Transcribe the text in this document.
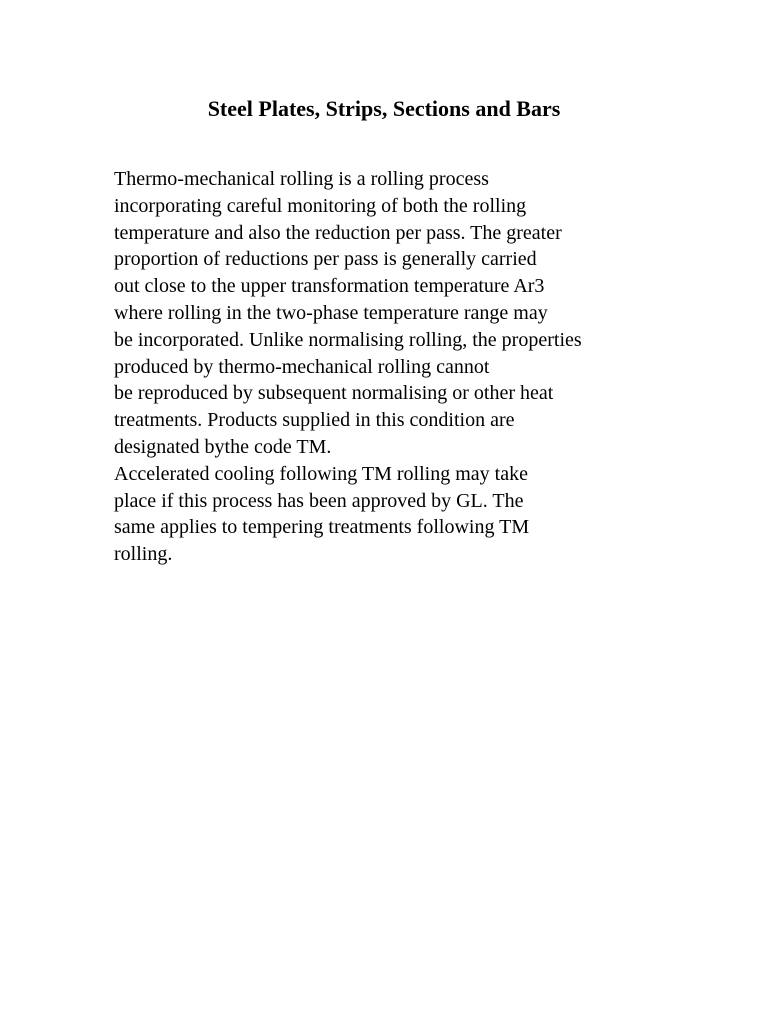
Steel Plates, Strips, Sections and Bars
Thermo-mechanical rolling is a rolling process
incorporating careful monitoring of both the rolling
temperature and also the reduction per pass. The greater
proportion of reductions per pass is generally carried
out close to the upper transformation temperature Ar3
where rolling in the two-phase temperature range may
be incorporated. Unlike normalising rolling, the properties
produced by thermo-mechanical rolling cannot
be reproduced by subsequent normalising or other heat
treatments. Products supplied in this condition are
designated bythe code TM.
Accelerated cooling following TM rolling may take
place if this process has been approved by GL. The
same applies to tempering treatments following TM
rolling.
